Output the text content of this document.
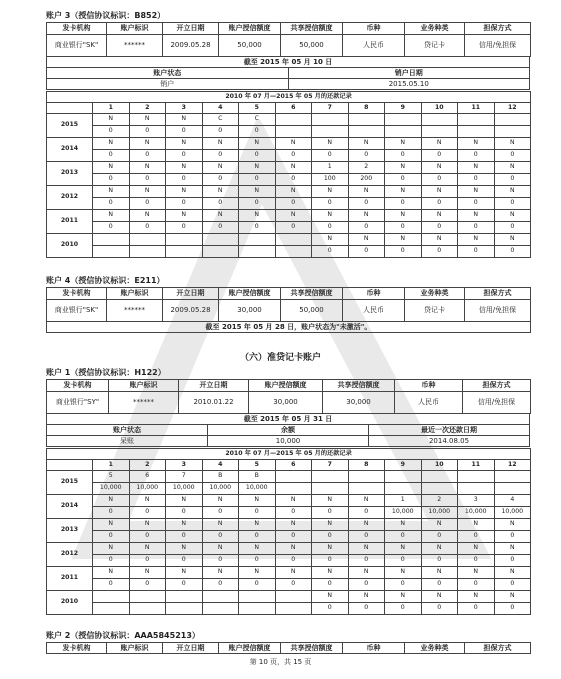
账户 3（授信协议标识：B852）
发卡机构	账户标识	开立日期	账户授信额度	共享授信额度	币种	业务种类	担保方式
商业银行"SK"	******	2009.05.28	50,000	50,000	人民币	贷记卡	信用/免担保
截至 2015 年 05 月 10 日	
账户状态	销户日期
销户	2015.05.10
2010 年 07 月—2015 年 05 月的还款记录												
	1	2	3	4	5	6	7	8	9	10	11	12
2015	N	N	N	C	C							
	0	0	0	0	0							
2014	N	N	N	N	N	N	N	N	N	N	N	N
	0	0	0	0	0	0	0	0	0	0	0	0
2013	N	N	N	N	N	N	1	2	N	N	N	N
	0	0	0	0	0	0	100	200	0	0	0	0
2012	N	N	N	N	N	N	N	N	N	N	N	N
	0	0	0	0	0	0	0	0	0	0	0	0
2011	N	N	N	N	N	N	N	N	N	N	N	N
	0	0	0	0	0	0	0	0	0	0	0	0
2010							N	N	N	N	N	N
							0	0	0	0	0	0
账户 4（授信协议标识：E211）
发卡机构	账户标识	开立日期	账户授信额度	共享授信额度	币种	业务种类	担保方式
商业银行"SK"	******	2009.05.28	30,000	50,000	人民币	贷记卡	信用/免担保
截至 2015 年 05 月 28 日，账户状态为"未激活"。							
（六）准贷记卡账户
账户 1（授信协议标识：H122）
发卡机构	账户标识	开立日期	账户授信额度	共享授信额度	币种	担保方式
商业银行"SY"	******	2010.01.22	30,000	30,000	人民币	信用/免担保
截至 2015 年 05 月 31 日		
账户状态	余额	最近一次还款日期
呆账	10,000	2014.08.05
2010 年 07 月—2015 年 05 月的还款记录												
	1	2	3	4	5	6	7	8	9	10	11	12
2015	5	6	7	B	B							
	10,000	10,000	10,000	10,000	10,000							
2014	N	N	N	N	N	N	N	N	1	2	3	4
	0	0	0	0	0	0	0	0	10,000	10,000	10,000	10,000
2013	N	N	N	N	N	N	N	N	N	N	N	N
	0	0	0	0	0	0	0	0	0	0	0	0
2012	N	N	N	N	N	N	N	N	N	N	N	N
	0	0	0	0	0	0	0	0	0	0	0	0
2011	N	N	N	N	N	N	N	N	N	N	N	N
	0	0	0	0	0	0	0	0	0	0	0	0
2010							N	N	N	N	N	N
							0	0	0	0	0	0
账户 2（授信协议标识：AAA5845213）
发卡机构	账户标识	开立日期	账户授信额度	共享授信额度	币种	业务种类	担保方式
第 10 页，共 15 页
